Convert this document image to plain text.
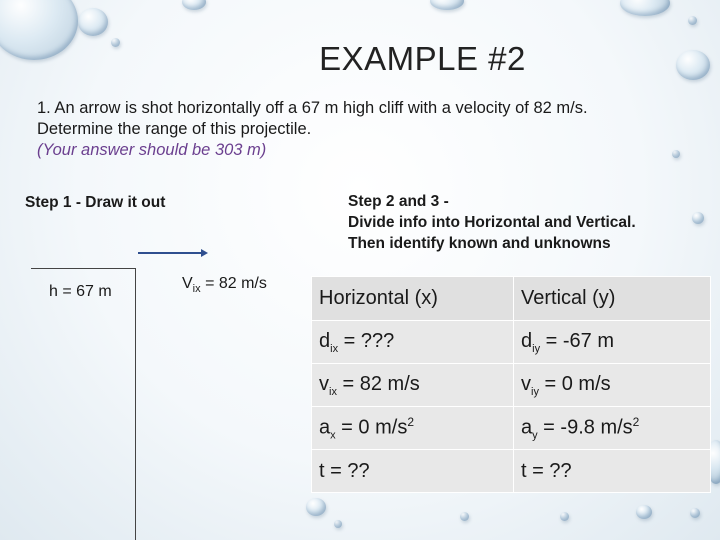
EXAMPLE #2
1. An arrow is shot horizontally off a 67 m high cliff with a velocity of 82 m/s.
Determine the range of this projectile.
(Your answer should be 303 m)
Step 1 - Draw it out	Step 2 and 3 -
Divide info into Horizontal and Vertical.
Then identify known and unknowns
h = 67 m	$V_{ix} = 82$ m/s
Horizontal (x)	Vertical (y)
$d_{ix}$ = ???	$d_{iy} = -67$ m
$v_{ix} = 82$ m/s	$v_{iy} = 0$ m/s
$a_x = 0$ $m/s^2$	$a_y = -9.8$ $m/s^2$
t = ??	t = ??
